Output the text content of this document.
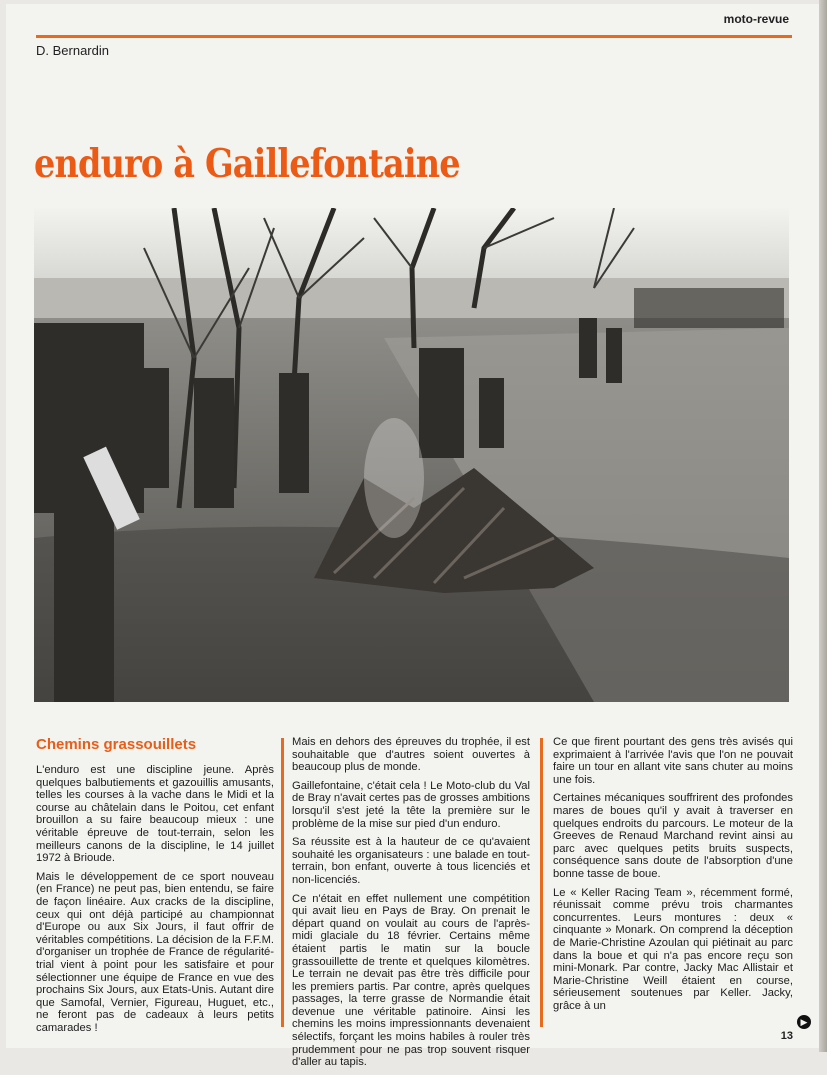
moto-revue
D. Bernardin
enduro à Gaillefontaine
Chemins grassouillets

L'enduro est une discipline jeune. Après quelques balbutiements et gazouillis amusants, telles les courses à la vache dans le Midi et la course au châtelain dans le Poitou, cet enfant brouillon a su faire beaucoup mieux : une véritable épreuve de tout-terrain, selon les meilleurs canons de la discipline, le 14 juillet 1972 à Brioude.

Mais le développement de ce sport nouveau (en France) ne peut pas, bien entendu, se faire de façon linéaire. Aux cracks de la discipline, ceux qui ont déjà participé au championnat d'Europe ou aux Six Jours, il faut offrir de véritables compétitions. La décision de la F.F.M. d'organiser un trophée de France de régularité-trial vient à point pour les satisfaire et pour sélectionner une équipe de France en vue des prochains Six Jours, aux Etats-Unis. Autant dire que Samofal, Vernier, Figureau, Huguet, etc., ne feront pas de cadeaux à leurs petits camarades !

Mais en dehors des épreuves du trophée, il est souhaitable que d'autres soient ouvertes à beaucoup plus de monde.

Gaillefontaine, c'était cela ! Le Moto-club du Val de Bray n'avait certes pas de grosses ambitions lorsqu'il s'est jeté la tête la première sur le problème de la mise sur pied d'un enduro.

Sa réussite est à la hauteur de ce qu'avaient souhaité les organisateurs : une balade en tout-terrain, bon enfant, ouverte à tous licenciés et non-licenciés.

Ce n'était en effet nullement une compétition qui avait lieu en Pays de Bray. On prenait le départ quand on voulait au cours de l'après-midi glaciale du 18 février. Certains même étaient partis le matin sur la boucle grassouillette de trente et quelques kilomètres. Le terrain ne devait pas être très difficile pour les premiers partis. Par contre, après quelques passages, la terre grasse de Normandie était devenue une véritable patinoire. Ainsi les chemins les moins impressionnants devenaient sélectifs, forçant les moins habiles à rouler très prudemment pour ne pas trop souvent risquer d'aller au tapis.

Ce que firent pourtant des gens très avisés qui exprimaient à l'arrivée l'avis que l'on ne pouvait faire un tour en allant vite sans chuter au moins une fois.

Certaines mécaniques souffrirent des profondes mares de boues qu'il y avait à traverser en quelques endroits du parcours. Le moteur de la Greeves de Renaud Marchand revint ainsi au parc avec quelques petits bruits suspects, conséquence sans doute de l'absorption d'une bonne tasse de boue.

Le « Keller Racing Team », récemment formé, réunissait comme prévu trois charmantes concurrentes. Leurs montures : deux « cinquante » Monark. On comprend la déception de Marie-Christine Azoulan qui piétinait au parc dans la boue et qui n'a pas encore reçu son mini-Monark. Par contre, Jacky Mac Allistair et Marie-Christine Weill étaient en course, sérieusement soutenues par Keller. Jacky, grâce à un

▶
13
